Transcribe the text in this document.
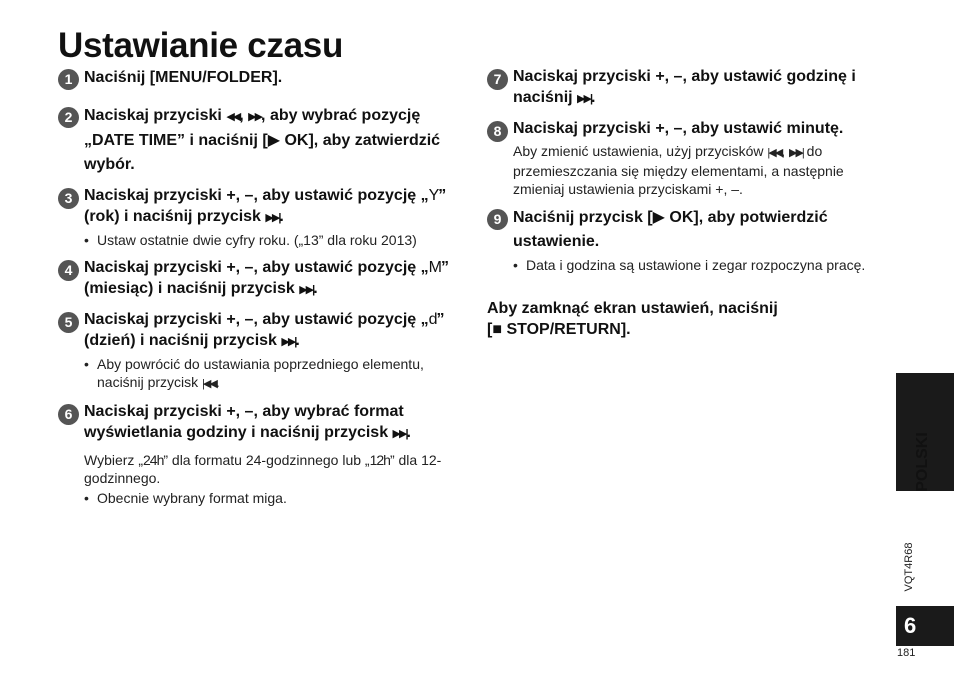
Ustawianie czasu
1 Naciśnij [MENU/FOLDER].
2 Naciskaj przyciski ◀◀, ▶▶, aby wybrać pozycję „DATE TIME” i naciśnij [▶ OK], aby zatwierdzić wybór.
3 Naciskaj przyciski +, –, aby ustawić pozycję „Y” (rok) i naciśnij przycisk ▶▶|.
• Ustaw ostatnie dwie cyfry roku. („13” dla roku 2013)
4 Naciskaj przyciski +, –, aby ustawić pozycję „M” (miesiąc) i naciśnij przycisk ▶▶|.
5 Naciskaj przyciski +, –, aby ustawić pozycję „d” (dzień) i naciśnij przycisk ▶▶|.
• Aby powrócić do ustawiania poprzedniego elementu, naciśnij przycisk |◀◀.
6 Naciskaj przyciski +, –, aby wybrać format wyświetlania godziny i naciśnij przycisk ▶▶|.
Wybierz „24h” dla formatu 24-godzinnego lub „12h” dla 12-godzinnego.
• Obecnie wybrany format miga.
7 Naciskaj przyciski +, –, aby ustawić godzinę i naciśnij ▶▶|.
8 Naciskaj przyciski +, –, aby ustawić minutę.
Aby zmienić ustawienia, użyj przycisków |◀◀, ▶▶| do przemieszczania się między elementami, a następnie zmieniaj ustawienia przyciskami +, –.
9 Naciśnij przycisk [▶ OK], aby potwierdzić ustawienie.
• Data i godzina są ustawione i zegar rozpoczyna pracę.
Aby zamknąć ekran ustawień, naciśnij
[■ STOP/RETURN].
POLSKI
VQT4R68
6
181
